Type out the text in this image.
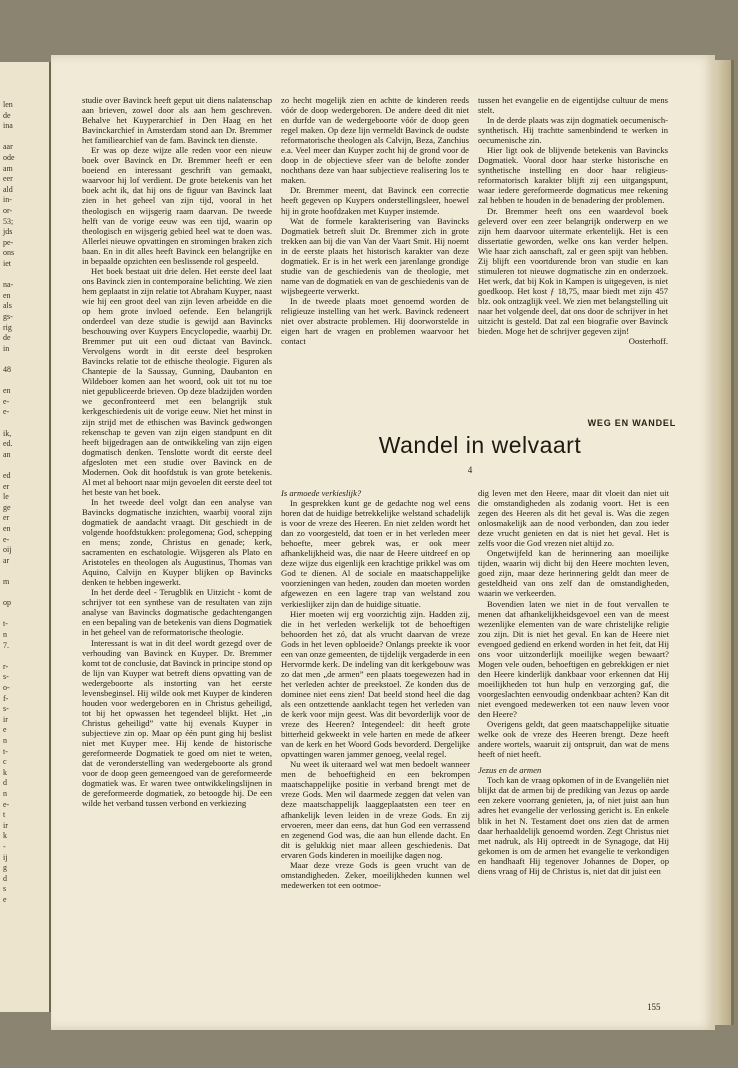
len
de
ina
aar
ode
am
eer
ald
in-
or-
53;
jds
pe-
ons
iet
na-
en
als
gs-
rig
de
in
48
en
e-
e-
ik,
ed.
an
ed
er
le
ge
er
en
e-
oij
ar
m
op
t-
n
7.
r-
s-
o-
f-
s-
ir
e
n
t-
c
k
d
n
e-
t
ir
k
-
ij
g
d
s
e

studie over Bavinck heeft geput uit diens nalatenschap aan brieven, zowel door als aan hem geschreven. Behalve het Kuyperarchief in Den Haag en het Bavinckarchief in Amsterdam stond aan Dr. Bremmer het familiearchief van de fam. Bavinck ten dienste.

Er was op deze wijze alle reden voor een nieuw boek over Bavinck en Dr. Bremmer heeft er een boeiend en interessant geschrift van gemaakt, waarvoor hij lof verdient. De grote betekenis van het boek acht ik, dat hij ons de figuur van Bavinck laat zien in het geheel van zijn tijd, vooral in het theologisch en wijsgerig raam daarvan. De tweede helft van de vorige eeuw was een tijd, waarin op theologisch en wijsgerig gebied heel wat te doen was. Allerlei nieuwe opvattingen en stromingen braken zich baan. En in dit alles heeft Bavinck een belangrijke en in bepaalde opzichten een beslissende rol gespeeld.

Het boek bestaat uit drie delen. Het eerste deel laat ons Bavinck zien in contemporaine belichting. We zien hem geplaatst in zijn relatie tot Abraham Kuyper, naast wie hij een groot deel van zijn leven arbeidde en die op hem grote invloed oefende. Een belangrijk onderdeel van deze studie is gewijd aan Bavincks beschouwing over Kuypers Encyclopedie, waarbij Dr. Bremmer put uit een oud dictaat van Bavinck. Vervolgens wordt in dit eerste deel besproken Bavincks relatie tot de ethische theologie. Figuren als Chantepie de la Saussay, Gunning, Daubanton en Wildeboer komen aan het woord, ook uit tot nu toe niet gepubliceerde brieven. Op deze bladzijden worden we geconfronteerd met een belangrijk stuk kerkgeschiedenis uit de vorige eeuw. Niet het minst in zijn strijd met de ethischen was Bavinck gedwongen rekenschap te geven van zijn eigen standpunt en dit heeft bijgedragen aan de ontwikkeling van zijn eigen dogmatisch denken. Tenslotte wordt dit eerste deel afgesloten met een studie over Bavinck en de Modernen. Ook dit hoofdstuk is van grote betekenis. Al met al behoort naar mijn gevoelen dit eerste deel tot het beste van het boek.

In het tweede deel volgt dan een analyse van Bavincks dogmatische inzichten, waarbij vooral zijn dogmatiek de aandacht vraagt. Dit geschiedt in de volgende hoofdstukken: prolegomena; God, schepping en mens; zonde, Christus en genade; kerk, sacramenten en eschatologie. Wijsgeren als Plato en Aristoteles en theologen als Augustinus, Thomas van Aquino, Calvijn en Kuyper blijken op Bavincks denken te hebben ingewerkt.

In het derde deel - Terugblik en Uitzicht - komt de schrijver tot een synthese van de resultaten van zijn analyse van Bavincks dogmatische gedachtengangen en een bepaling van de betekenis van diens Dogmatiek in het geheel van de reformatorische theologie.

Interessant is wat in dit deel wordt gezegd over de verhouding van Bavinck en Kuyper. Dr. Bremmer komt tot de conclusie, dat Bavinck in principe stond op de lijn van Kuyper wat betreft diens opvatting van de wedergeboorte als instorting van het eerste levensbeginsel. Hij wilde ook met Kuyper de kinderen houden voor wedergeboren en in Christus geheiligd, tot bij het opwassen het tegendeel blijkt. Het „in Christus geheiligd” vatte hij evenals Kuyper in subjectieve zin op. Maar op één punt ging hij beslist niet met Kuyper mee. Hij kende de historische gereformeerde Dogmatiek te goed om niet te weten, dat de veronderstelling van wedergeboorte als grond voor de doop geen gemeengoed van de gereformeerde dogmatiek was. Er waren twee ontwikkelingslijnen in de gereformeerde dogmatiek, zo betoogde hij. De een wilde het verband tussen verbond en verkiezing

zo hecht mogelijk zien en achtte de kinderen reeds vóór de doop wedergeboren. De andere deed dit niet en durfde van de wedergeboorte vóór de doop geen regel maken. Op deze lijn vermeldt Bavinck de oudste reformatorische theologen als Calvijn, Beza, Zanchius e.a. Veel meer dan Kuyper zocht hij de grond voor de doop in de objectieve sfeer van de belofte zonder nochthans deze van haar subjectieve realisering los te maken.

Dr. Bremmer meent, dat Bavinck een correctie heeft gegeven op Kuypers onderstellingsleer, hoewel hij in grote hoofdzaken met Kuyper instemde.

Wat de formele karakterisering van Bavincks Dogmatiek betreft sluit Dr. Bremmer zich in grote trekken aan bij die van Van der Vaart Smit. Hij noemt in de eerste plaats het historisch karakter van deze dogmatiek. Er is in het werk een jarenlange grondige studie van de geschiedenis van de theologie, met name van de dogmatiek en van de geschiedenis van de wijsbegeerte verwerkt.

In de tweede plaats moet genoemd worden de religieuze instelling van het werk. Bavinck redeneert niet over abstracte problemen. Hij doorworstelde in eigen hart de vragen en problemen waarvoor het contact

tussen het evangelie en de eigentijdse cultuur de mens stelt.

In de derde plaats was zijn dogmatiek oecumenisch-synthetisch. Hij trachtte samenbindend te werken in oecumenische zin.

Hier ligt ook de blijvende betekenis van Bavincks Dogmatiek. Vooral door haar sterke historische en synthetische instelling en door haar religieus-reformatorisch karakter blijft zij een uitgangspunt, waar iedere gereformeerde dogmaticus mee rekening zal hebben te houden in de benadering der problemen.

Dr. Bremmer heeft ons een waardevol boek geleverd over een zeer belangrijk onderwerp en we zijn hem daarvoor uitermate erkentelijk. Het is een dissertatie geworden, welke ons kan verder helpen. Wie haar zich aanschaft, zal er geen spijt van hebben. Zij blijft een voortdurende bron van studie en kan stimuleren tot nieuwe dogmatische zin en onderzoek. Het werk, dat bij Kok in Kampen is uitgegeven, is niet goedkoop. Het kost ƒ 18,75, maar biedt met zijn 457 blz. ook ontzaglijk veel. We zien met belangstelling uit naar het volgende deel, dat ons door de schrijver in het uitzicht is gesteld. Dat zal een biografie over Bavinck bieden. Moge het de schrijver gegeven zijn!

Oosterhoff.

WEG EN WANDEL
Wandel in welvaart
4

Is armoede verkieslijk?

In gesprekken kunt ge de gedachte nog wel eens horen dat de huidige betrekkelijke welstand schadelijk is voor de vreze des Heeren. En niet zelden wordt het dan zo voorgesteld, dat toen er in het verleden meer behoefte, meer gebrek was, er ook meer afhankelijkheid was, die naar de Heere uitdreef en op deze wijze dus eigenlijk een krachtige prikkel was om God te dienen. Al de sociale en maatschappelijke voorzieningen van heden, zouden dan moeten worden afgewezen en een lagere trap van welstand zou verkieslijker zijn dan de huidige situatie.

Hier moeten wij erg voorzichtig zijn. Hadden zij, die in het verleden werkelijk tot de behoeftigen behoorden het zó, dat als vrucht daarvan de vreze Gods in het leven opbloeide? Onlangs preekte ik voor een van onze gemeenten, de tijdelijk vergaderde in een Hervormde kerk. De indeling van dit kerkgebouw was zo dat men „de armen” een plaats toegewezen had in het verleden achter de preekstoel. Ze konden dus de dominee niet eens zien! Dat beeld stond heel die dag als een ontzettende aanklacht tegen het verleden van de kerk voor mijn geest. Was dit bevorderlijk voor de vreze des Heeren? Integendeel: dit heeft grote bitterheid gekweekt in vele harten en mede de afkeer van de kerk en het Woord Gods bevorderd. Dergelijke opvattingen waren jammer genoeg, veelal regel.

Nu weet ik uiteraard wel wat men bedoelt wanneer men de behoeftigheid en een bekrompen maatschappelijke positie in verband brengt met de vreze Gods. Men wil daarmede zeggen dat velen van deze maatschappelijk laaggeplaatsten een teer en afhankelijk leven leiden in de vreze Gods. En zij ervoeren, meer dan eens, dat hun God een verrassend en zegenend God was, die aan hun ellende dacht. En dit is gelukkig niet maar alleen geschiedenis. Dat ervaren Gods kinderen in moeilijke dagen nog.

Maar deze vreze Gods is geen vrucht van de omstandigheden. Zeker, moeilijkheden kunnen wel medewerken tot een ootmoe-

dig leven met den Heere, maar dit vloeit dan niet uit die omstandigheden als zodanig voort. Het is een zegen des Heeren als dit het geval is. Was die zegen onlosmakelijk aan de nood verbonden, dan zou ieder deze vrucht genieten en dat is niet het geval. Het is zelfs voor die God vrezen niet altijd zo.

Ongetwijfeld kan de herinnering aan moeilijke tijden, waarin wij dicht bij den Heere mochten leven, goed zijn, maar deze herinnering geldt dan meer de gesteldheid van ons zelf dan de omstandigheden, waarin we verkeerden.

Bovendien laten we niet in de fout vervallen te menen dat afhankelijkheidsgevoel een van de meest wezenlijke elementen van de ware christelijke religie zou zijn. Dit is niet het geval. En kan de Heere niet evengoed gediend en erkend worden in het feit, dat Hij ons voor uitzonderlijk moeilijke wegen bewaart? Mogen vele ouden, behoeftigen en gebrekkigen er niet den Heere kinderlijk dankbaar voor erkennen dat Hij moeilijkheden tot hun hulp en verzorging gaf, die voorgeslachten eenvoudig ondenkbaar achten? Kan dit niet evengoed medewerken tot een nauw leven voor den Heere?

Overigens geldt, dat geen maatschappelijke situatie welke ook de vreze des Heeren brengt. Deze heeft andere wortels, waaruit zij ontspruit, dan wat de mens heeft of niet heeft.

Jezus en de armen

Toch kan de vraag opkomen of in de Evangeliën niet blijkt dat de armen bij de prediking van Jezus op aarde een zekere voorrang genieten, ja, of niet juist aan hun adres het evangelie der verlossing gericht is. En enkele blik in het N. Testament doet ons zien dat de armen daar herhaaldelijk genoemd worden. Zegt Christus niet met nadruk, als Hij optreedt in de Synagoge, dat Hij gekomen is om de armen het evangelie te verkondigen en handhaaft Hij tegenover Johannes de Doper, op diens vraag of Hij de Christus is, niet dat dit juist een

155
